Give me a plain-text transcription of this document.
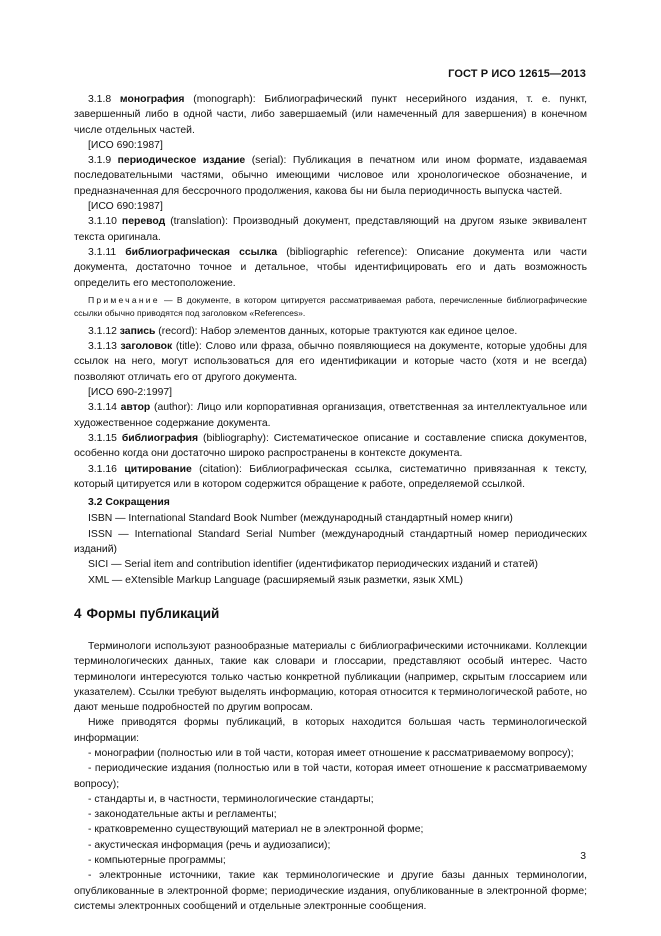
ГОСТ Р ИСО 12615—2013

3.1.8 монография (monograph): Библиографический пункт несерийного издания, т. е. пункт, завершенный либо в одной части, либо завершаемый (или намеченный для завершения) в конечном числе отдельных частей.

[ИСО 690:1987]

3.1.9 периодическое издание (serial): Публикация в печатном или ином формате, издаваемая последовательными частями, обычно имеющими числовое или хронологическое обозначение, и предназначенная для бессрочного продолжения, какова бы ни была периодичность выпуска частей.

[ИСО 690:1987]

3.1.10 перевод (translation): Производный документ, представляющий на другом языке эквивалент текста оригинала.

3.1.11 библиографическая ссылка (bibliographic reference): Описание документа или части документа, достаточно точное и детальное, чтобы идентифицировать его и дать возможность определить его местоположение.

Примечание — В документе, в котором цитируется рассматриваемая работа, перечисленные библиографические ссылки обычно приводятся под заголовком «References».

3.1.12 запись (record): Набор элементов данных, которые трактуются как единое целое.

3.1.13 заголовок (title): Слово или фраза, обычно появляющиеся на документе, которые удобны для ссылок на него, могут использоваться для его идентификации и которые часто (хотя и не всегда) позволяют отличать его от другого документа.

[ИСО 690-2:1997]

3.1.14 автор (author): Лицо или корпоративная организация, ответственная за интеллектуальное или художественное содержание документа.

3.1.15 библиография (bibliography): Систематическое описание и составление списка документов, особенно когда они достаточно широко распространены в контексте документа.

3.1.16 цитирование (citation): Библиографическая ссылка, систематично привязанная к тексту, который цитируется или в котором содержится обращение к работе, определяемой ссылкой.

3.2 Сокращения

ISBN — International Standard Book Number (международный стандартный номер книги)

ISSN — International Standard Serial Number (международный стандартный номер периодических изданий)

SICI — Serial item and contribution identifier (идентификатор периодических изданий и статей)

XML — eXtensible Markup Language (расширяемый язык разметки, язык XML)

4 Формы публикаций

Терминологи используют разнообразные материалы с библиографическими источниками. Коллекции терминологических данных, такие как словари и глоссарии, представляют особый интерес. Часто терминологи интересуются только частью конкретной публикации (например, скрытым глоссарием или указателем). Ссылки требуют выделять информацию, которая относится к терминологической работе, но дают меньше подробностей по другим вопросам.

Ниже приводятся формы публикаций, в которых находится большая часть терминологической информации:

- монографии (полностью или в той части, которая имеет отношение к рассматриваемому вопросу);

- периодические издания (полностью или в той части, которая имеет отношение к рассматриваемому вопросу);

- стандарты и, в частности, терминологические стандарты;

- законодательные акты и регламенты;

- кратковременно существующий материал не в электронной форме;

- акустическая информация (речь и аудиозаписи);

- компьютерные программы;

- электронные источники, такие как терминологические и другие базы данных терминологии, опубликованные в электронной форме; периодические издания, опубликованные в электронной форме; системы электронных сообщений и отдельные электронные сообщения.

3
